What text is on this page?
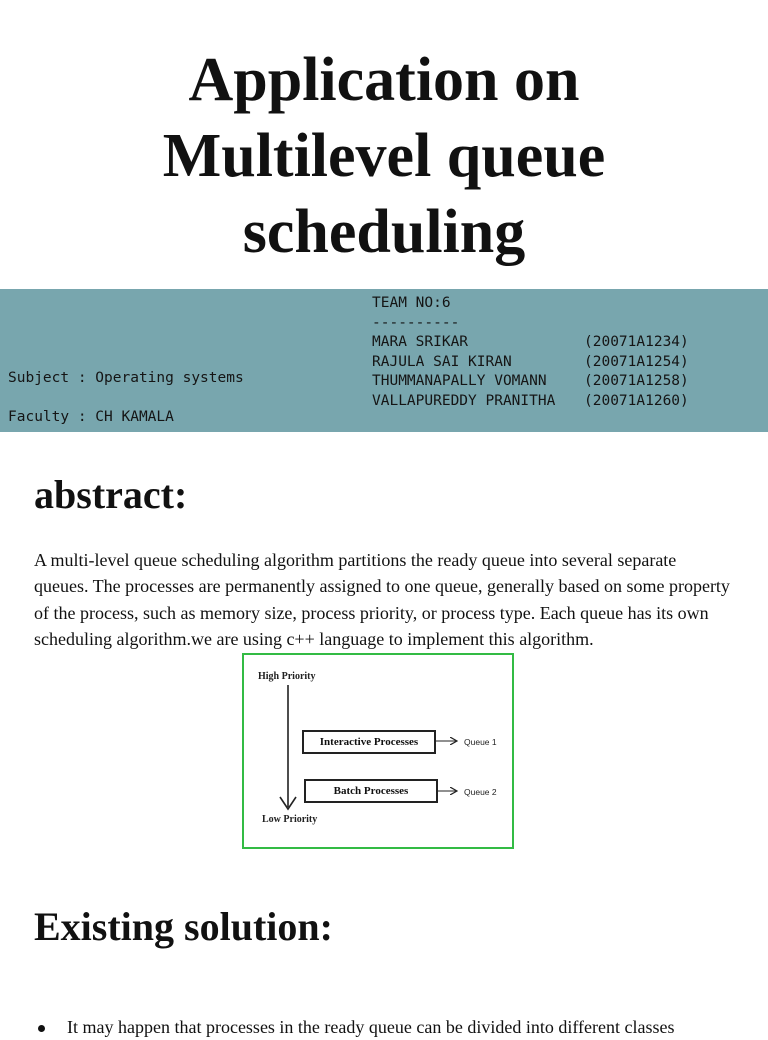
Application on
Multilevel queue
scheduling
Subject : Operating systems
Faculty : CH KAMALA
TEAM NO:6
----------
MARA SRIKAR	(20071A1234)
RAJULA SAI KIRAN	(20071A1254)
THUMMANAPALLY VOMANN	(20071A1258)
VALLAPUREDDY PRANITHA	(20071A1260)
abstract:

A multi-level queue scheduling algorithm partitions the ready queue into several separate queues. The processes are permanently assigned to one queue, generally based on some property of the process, such as memory size, process priority, or process type. Each queue has its own scheduling algorithm.we are using c++ language to implement this algorithm.

High Priority
Low Priority
Interactive Processes
Batch Processes
Queue 1
Queue 2
Existing solution:
It may happen that processes in the ready queue can be divided into different classes
